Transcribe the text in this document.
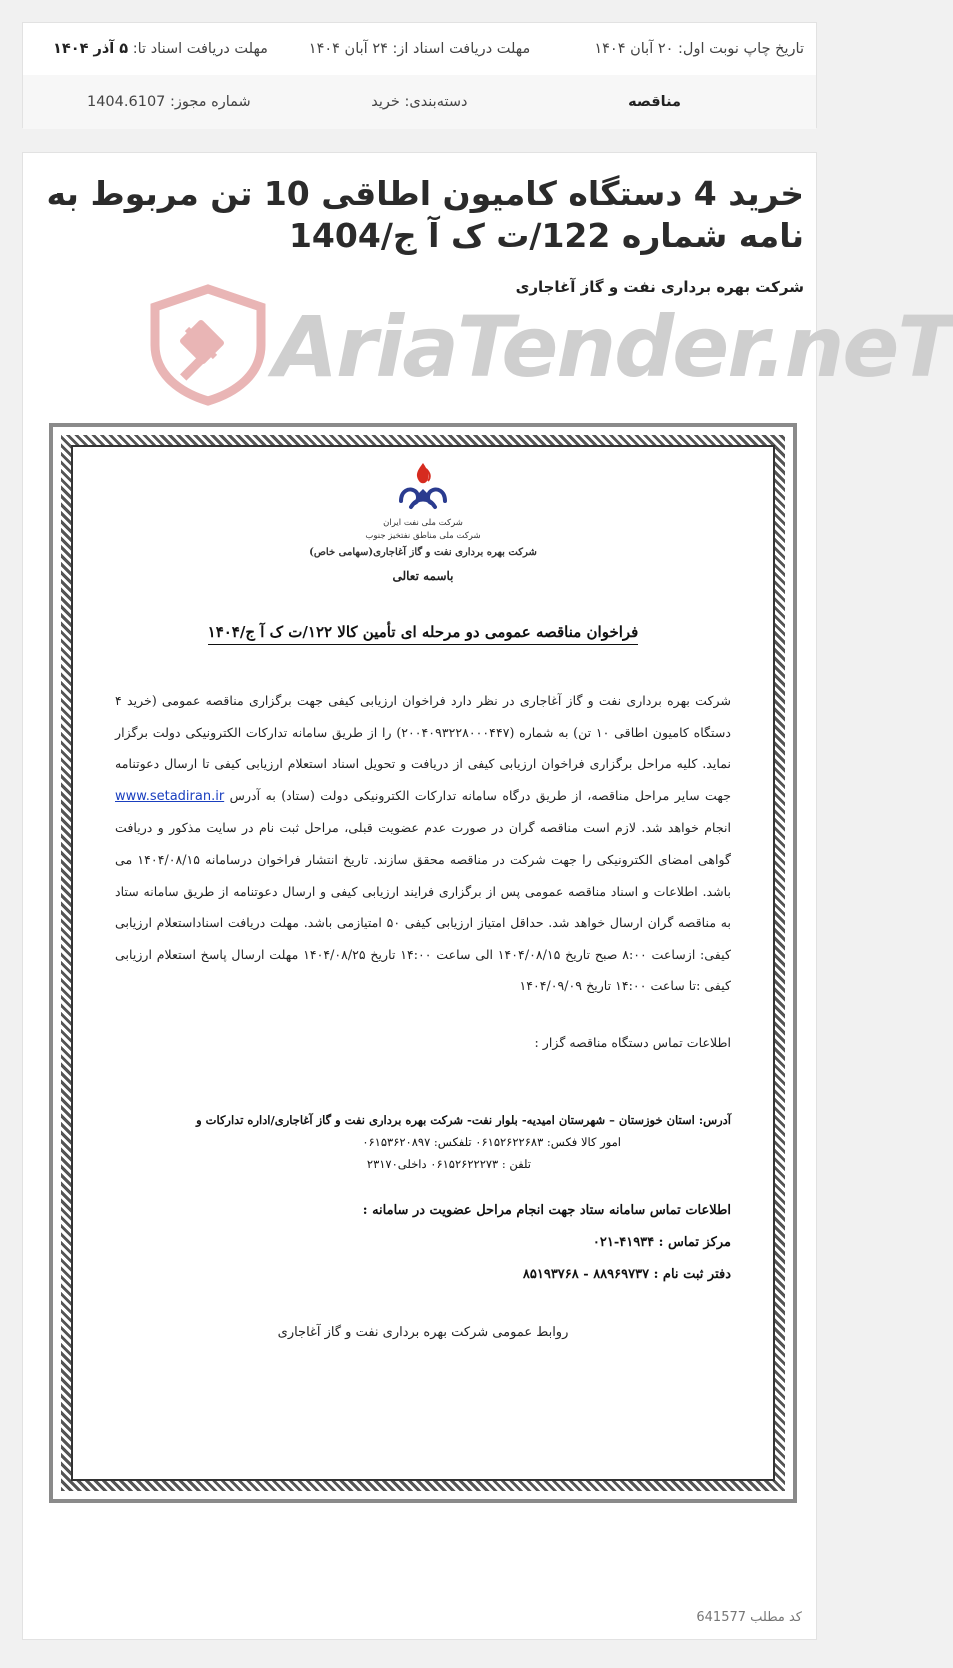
تاریخ چاپ نوبت اول: ۲۰ آبان ۱۴۰۴
مهلت دریافت اسناد از: ۲۴ آبان ۱۴۰۴
مهلت دریافت اسناد تا: ۵ آذر ۱۴۰۴
مناقصه
دسته‌بندی: خرید
شماره مجوز: 1404.6107
خرید 4 دستگاه کامیون اطاقی 10 تن مربوط به نامه شماره 122/ت ک آ ج/1404
شرکت بهره برداری نفت و گاز آغاجاری
AriaTender.neT
شرکت ملی نفت ایران
شرکت ملی مناطق نفتخیز جنوب
شرکت بهره برداری نفت و گاز آغاجاری(سهامی خاص)
باسمه تعالی
فراخوان مناقصه عمومی دو مرحله ای تأمین کالا ۱۲۲/ت ک آ ج/۱۴۰۴
شرکت بهره برداری نفت و گاز آغاجاری در نظر دارد فراخوان ارزیابی کیفی جهت برگزاری مناقصه عمومی (خرید ۴ دستگاه کامیون اطاقی ۱۰ تن) به شماره (۲۰۰۴۰۹۳۲۲۸۰۰۰۴۴۷) را از طریق سامانه تدارکات الکترونیکی دولت برگزار نماید. کلیه مراحل برگزاری فراخوان ارزیابی کیفی از دریافت و تحویل اسناد استعلام ارزیابی کیفی تا ارسال دعوتنامه جهت سایر مراحل مناقصه، از طریق درگاه سامانه تدارکات الکترونیکی دولت (ستاد) به آدرس www.setadiran.ir انجام خواهد شد. لازم است مناقصه گران در صورت عدم عضویت قبلی، مراحل ثبت نام در سایت مذکور و دریافت گواهی امضای الکترونیکی را جهت شرکت در مناقصه محقق سازند. تاریخ انتشار فراخوان درسامانه ۱۴۰۴/۰۸/۱۵ می باشد. اطلاعات و اسناد مناقصه عمومی پس از برگزاری فرایند ارزیابی کیفی و ارسال دعوتنامه از طریق سامانه ستاد به مناقصه گران ارسال خواهد شد. حداقل امتیاز ارزیابی کیفی ۵۰ امتیازمی باشد. مهلت دریافت اسناداستعلام ارزیابی کیفی: ازساعت ۸:۰۰ صبح تاریخ ۱۴۰۴/۰۸/۱۵ الی ساعت ۱۴:۰۰ تاریخ ۱۴۰۴/۰۸/۲۵ مهلت ارسال پاسخ استعلام ارزیابی کیفی :تا ساعت ۱۴:۰۰ تاریخ ۱۴۰۴/۰۹/۰۹
اطلاعات تماس دستگاه مناقصه گزار :
آدرس: استان خوزستان – شهرستان امیدیه- بلوار نفت- شرکت بهره برداری نفت و گاز آغاجاری/اداره تدارکات و
امور کالا فکس: ۰۶۱۵۲۶۲۲۶۸۳ تلفکس: ۰۶۱۵۳۶۲۰۸۹۷
تلفن : ۰۶۱۵۲۶۲۲۲۷۳ داخلی۲۳۱۷۰
اطلاعات تماس سامانه ستاد جهت انجام مراحل عضویت در سامانه :
مرکز تماس : ۴۱۹۳۴-۰۲۱
دفتر ثبت نام : ۸۸۹۶۹۷۳۷ - ۸۵۱۹۳۷۶۸
روابط عمومی شرکت بهره برداری نفت و گاز آغاجاری
کد مطلب 641577
